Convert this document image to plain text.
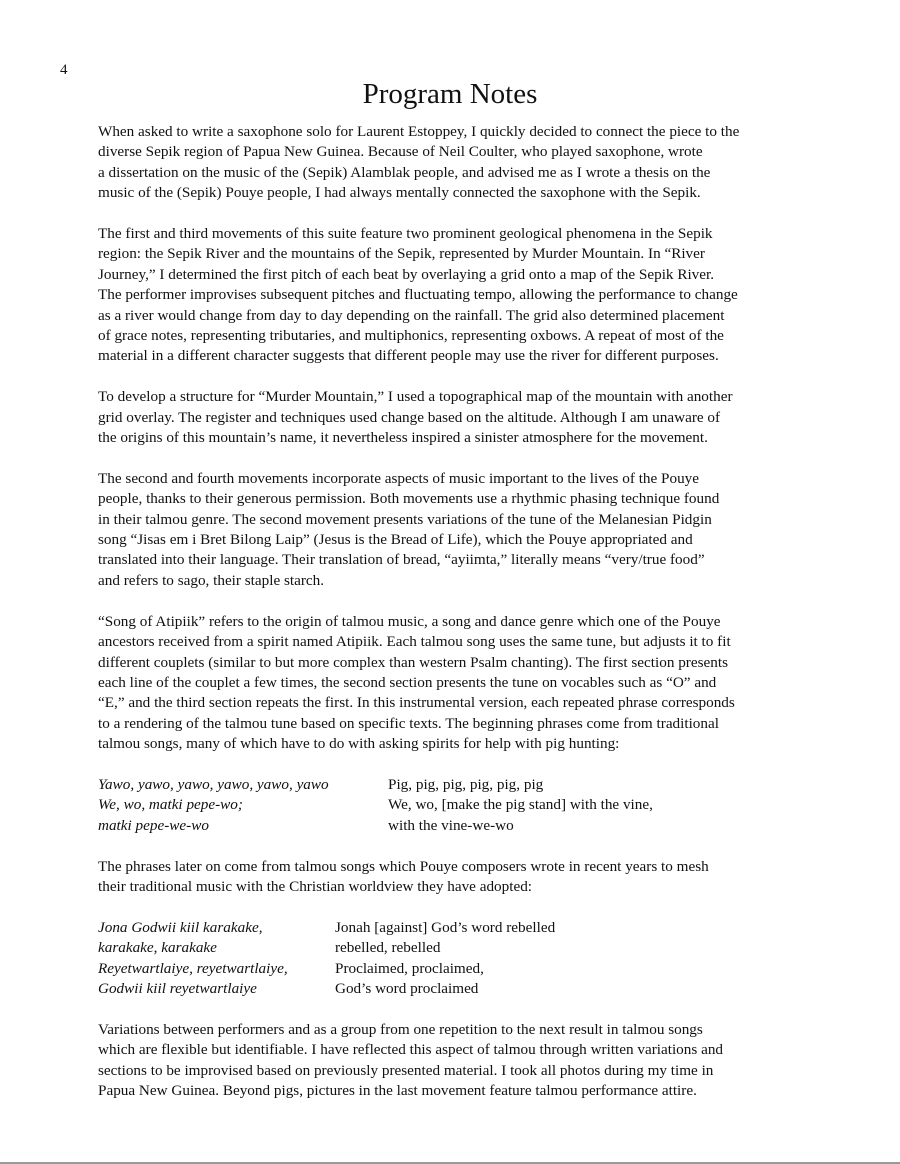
4
Program Notes

When asked to write a saxophone solo for Laurent Estoppey, I quickly decided to connect the piece to the
diverse Sepik region of Papua New Guinea. Because of Neil Coulter, who played saxophone, wrote
a dissertation on the music of the (Sepik) Alamblak people, and advised me as I wrote a thesis on the
music of the (Sepik) Pouye people, I had always mentally connected the saxophone with the Sepik.

The first and third movements of this suite feature two prominent geological phenomena in the Sepik
region: the Sepik River and the mountains of the Sepik, represented by Murder Mountain. In “River
Journey,” I determined the first pitch of each beat by overlaying a grid onto a map of the Sepik River.
The performer improvises subsequent pitches and fluctuating tempo, allowing the performance to change
as a river would change from day to day depending on the rainfall. The grid also determined placement
of grace notes, representing tributaries, and multiphonics, representing oxbows. A repeat of most of the
material in a different character suggests that different people may use the river for different purposes.

To develop a structure for “Murder Mountain,” I used a topographical map of the mountain with another
grid overlay. The register and techniques used change based on the altitude. Although I am unaware of
the origins of this mountain’s name, it nevertheless inspired a sinister atmosphere for the movement.

The second and fourth movements incorporate aspects of music important to the lives of the Pouye
people, thanks to their generous permission. Both movements use a rhythmic phasing technique found
in their talmou genre. The second movement presents variations of the tune of the Melanesian Pidgin
song “Jisas em i Bret Bilong Laip” (Jesus is the Bread of Life), which the Pouye appropriated and
translated into their language. Their translation of bread, “ayiimta,” literally means “very/true food”
and refers to sago, their staple starch.

“Song of Atipiik” refers to the origin of talmou music, a song and dance genre which one of the Pouye
ancestors received from a spirit named Atipiik. Each talmou song uses the same tune, but adjusts it to fit
different couplets (similar to but more complex than western Psalm chanting). The first section presents
each line of the couplet a few times, the second section presents the tune on vocables such as “O” and
“E,” and the third section repeats the first. In this instrumental version, each repeated phrase corresponds
to a rendering of the talmou tune based on specific texts. The beginning phrases come from traditional
talmou songs, many of which have to do with asking spirits for help with pig hunting:

Yawo, yawo, yawo, yawo, yawo, yawo	Pig, pig, pig, pig, pig, pig
We, wo, matki pepe-wo;	We, wo, [make the pig stand] with the vine,
matki pepe-we-wo	with the vine-we-wo

The phrases later on come from talmou songs which Pouye composers wrote in recent years to mesh
their traditional music with the Christian worldview they have adopted:

Jona Godwii kiil karakake,	Jonah [against] God’s word rebelled
karakake, karakake	rebelled, rebelled
Reyetwartlaiye, reyetwartlaiye,	Proclaimed, proclaimed,
Godwii kiil reyetwartlaiye	God’s word proclaimed

Variations between performers and as a group from one repetition to the next result in talmou songs
which are flexible but identifiable. I have reflected this aspect of talmou through written variations and
sections to be improvised based on previously presented material. I took all photos during my time in
Papua New Guinea. Beyond pigs, pictures in the last movement feature talmou performance attire.
